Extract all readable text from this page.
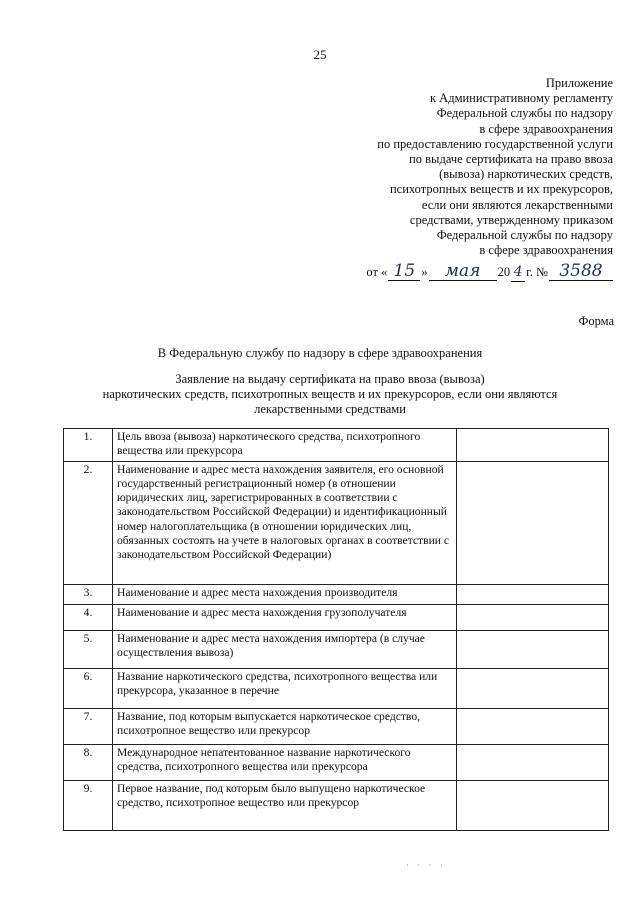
25
Приложение
к Административному регламенту
Федеральной службы по надзору
в сфере здравоохранения
по предоставлению государственной услуги
по выдаче сертификата на право ввоза
(вывоза) наркотических средств,
психотропных веществ и их прекурсоров,
если они являются лекарственными
средствами, утвержденному приказом
Федеральной службы по надзору
в сфере здравоохранения
от « 15 » мая 20 4 г. № 3588
Форма
В Федеральную службу по надзору в сфере здравоохранения
Заявление на выдачу сертификата на право ввоза (вывоза)
наркотических средств, психотропных веществ и их прекурсоров, если они являются
лекарственными средствами
1.	Цель ввоза (вывоза) наркотического средства, психотропного вещества или прекурсора	
2.	Наименование и адрес места нахождения заявителя, его основной государственный регистрационный номер (в отношении юридических лиц, зарегистрированных в соответствии с законодательством Российской Федерации) и идентификационный номер налогоплательщика (в отношении юридических лиц, обязанных состоять на учете в налоговых органах в соответствии с законодательством Российской Федерации)	
3.	Наименование и адрес места нахождения производителя	
4.	Наименование и адрес места нахождения грузополучателя	
5.	Наименование и адрес места нахождения импортера (в случае осуществления вывоза)	
6.	Название наркотического средства, психотропного вещества или прекурсора, указанное в перечне	
7.	Название, под которым выпускается наркотическое средство, психотропное вещество или прекурсор	
8.	Международное непатентованное название наркотического средства, психотропного вещества или прекурсора	
9.	Первое название, под которым было выпущено наркотическое средство, психотропное вещество или прекурсор	
· · · ·
